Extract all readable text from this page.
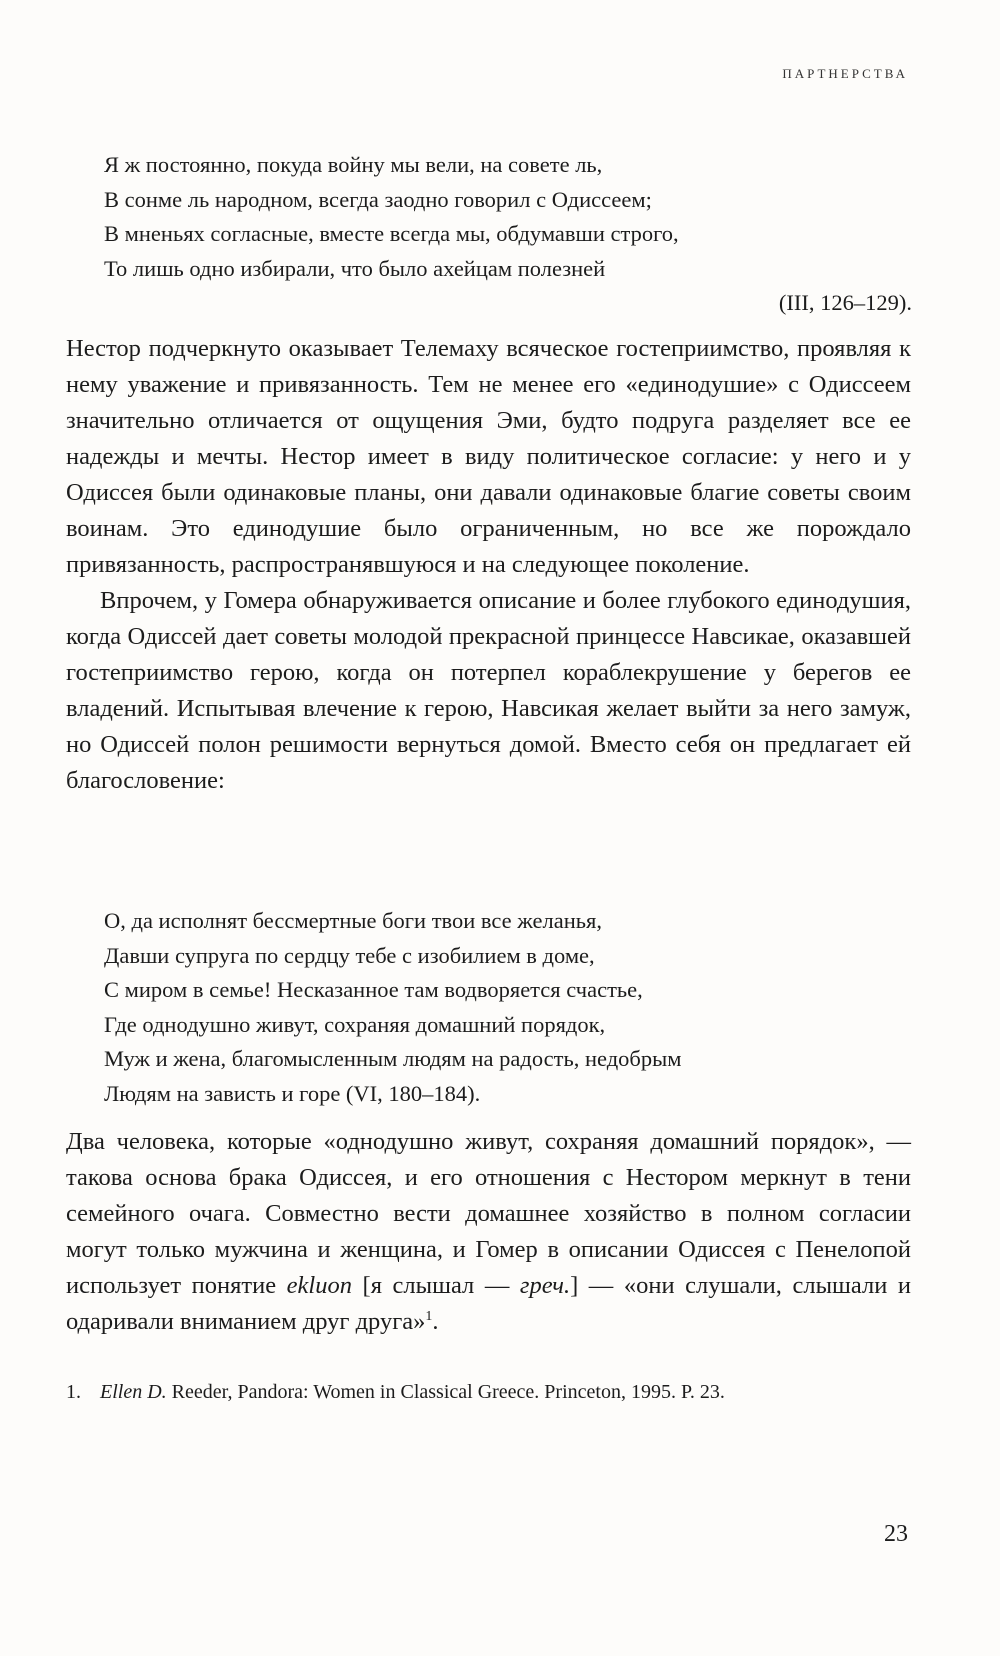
ПАРТНЕРСТВА
Я ж постоянно, покуда войну мы вели, на совете ль,
В сонме ль народном, всегда заодно говорил с Одиссеем;
В мненьях согласные, вместе всегда мы, обдумавши строго,
То лишь одно избирали, что было ахейцам полезней
(III, 126–129).

Нестор подчеркнуто оказывает Телемаху всяческое гостеприимство, проявляя к нему уважение и привязанность. Тем не менее его «единодушие» с Одиссеем значительно отличается от ощущения Эми, будто подруга разделяет все ее надежды и мечты. Нестор имеет в виду политическое согласие: у него и у Одиссея были одинаковые планы, они давали одинаковые благие советы своим воинам. Это единодушие было ограниченным, но все же порождало привязанность, распространявшуюся и на следующее поколение.

Впрочем, у Гомера обнаруживается описание и более глубокого единодушия, когда Одиссей дает советы молодой прекрасной принцессе Навсикае, оказавшей гостеприимство герою, когда он потерпел кораблекрушение у берегов ее владений. Испытывая влечение к герою, Навсикая желает выйти за него замуж, но Одиссей полон решимости вернуться домой. Вместо себя он предлагает ей благословение:

О, да исполнят бессмертные боги твои все желанья,
Давши супруга по сердцу тебе с изобилием в доме,
С миром в семье! Несказанное там водворяется счастье,
Где однодушно живут, сохраняя домашний порядок,
Муж и жена, благомысленным людям на радость, недобрым
Людям на зависть и горе (VI, 180–184).

Два человека, которые «однодушно живут, сохраняя домашний порядок», — такова основа брака Одиссея, и его отношения с Нестором меркнут в тени семейного очага. Совместно вести домашнее хозяйство в полном согласии могут только мужчина и женщина, и Гомер в описании Одиссея с Пенелопой использует понятие ekluon [я слышал — греч.] — «они слушали, слышали и одаривали вниманием друг друга»$^1$.

1. Ellen D. Reeder, Pandora: Women in Classical Greece. Princeton, 1995. P. 23.
23
